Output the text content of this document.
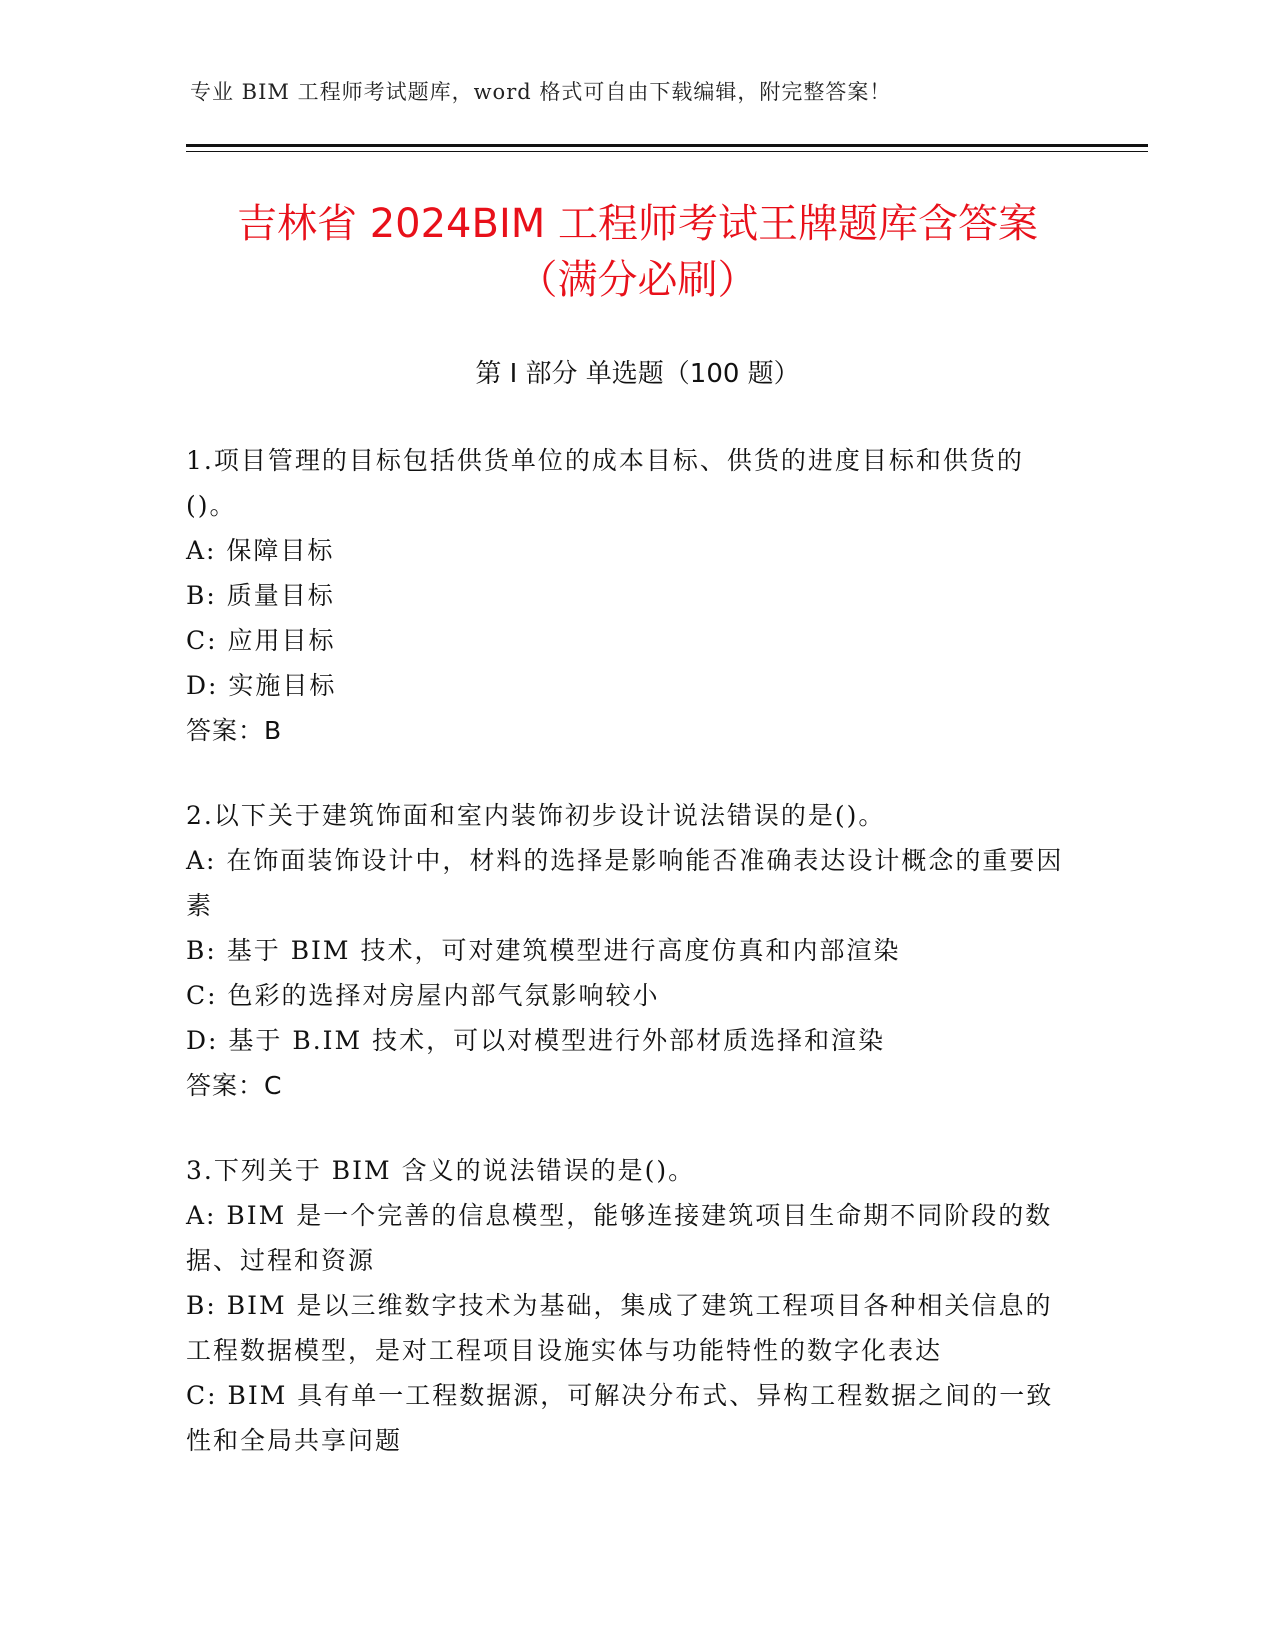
专业 BIM 工程师考试题库，word 格式可自由下载编辑，附完整答案！
吉林省 2024BIM 工程师考试王牌题库含答案
（满分必刷）
第 I 部分 单选题（100 题）
1.项目管理的目标包括供货单位的成本目标、供货的进度目标和供货的()。
A: 保障目标
B: 质量目标
C: 应用目标
D: 实施目标
答案：B
2.以下关于建筑饰面和室内装饰初步设计说法错误的是()。
A: 在饰面装饰设计中，材料的选择是影响能否准确表达设计概念的重要因素
B: 基于 BIM 技术，可对建筑模型进行高度仿真和内部渲染
C: 色彩的选择对房屋内部气氛影响较小
D: 基于 B.IM 技术，可以对模型进行外部材质选择和渲染
答案：C
3.下列关于 BIM 含义的说法错误的是()。
A: BIM 是一个完善的信息模型，能够连接建筑项目生命期不同阶段的数据、过程和资源
B: BIM 是以三维数字技术为基础，集成了建筑工程项目各种相关信息的工程数据模型，是对工程项目设施实体与功能特性的数字化表达
C: BIM 具有单一工程数据源，可解决分布式、异构工程数据之间的一致性和全局共享问题
